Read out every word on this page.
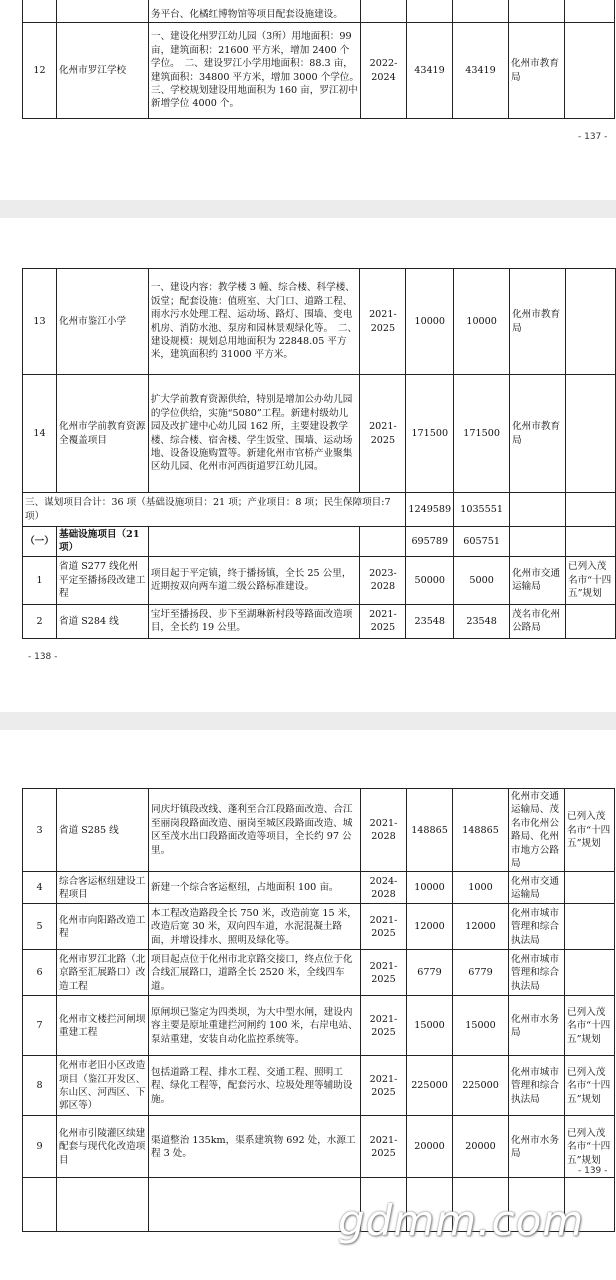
		务平台、化橘红博物馆等项目配套设施建设。					
12	化州市罗江学校	一、建设化州罗江幼儿园（3所）用地面积：99 亩，建筑面积：21600 平方米，增加 2400 个学位。　二、建设罗江小学用地面积：88.3 亩，建筑面积：34800 平方米，增加 3000 个学位。　三、学校规划建设用地面积为 160 亩，罗江初中新增学位 4000 个。	2022-2024	43419	43419	化州市教育局	
- 137 -
13	化州市鉴江小学	一、建设内容：教学楼 3 幢、综合楼、科学楼、饭堂；配套设施：值班室、大门口、道路工程、雨水污水处理工程、运动场、路灯、围墙、变电机房、消防水池、泵房和园林景观绿化等。　二、建设规模：规划总用地面积为 22848.05 平方米，建筑面积约 31000 平方米。	2021-2025	10000	10000	化州市教育局	
14	化州市学前教育资源全覆盖项目	扩大学前教育资源供给，特别是增加公办幼儿园的学位供给，实施“5080”工程。新建村级幼儿园及改扩建中心幼儿园 162 所，主要建设教学楼、综合楼、宿舍楼、学生饭堂、围墙、运动场地、设备设施购置等。新建化州市官桥产业聚集区幼儿园、化州市河西街道罗江幼儿园。	2021-2025	171500	171500	化州市教育局	
三、谋划项目合计：36 项（基础设施项目：21 项；产业项目：8 项；民生保障项目:7 项）				1249589	1035551		
（一）	基础设施项目（21 项）			695789	605751		
1	省道 S277 线化州平定至播扬段改建工程	项目起于平定镇，终于播扬镇，全长 25 公里，近期按双向两车道二级公路标准建设。	2023-2028	50000	5000	化州市交通运输局	已列入茂名市“十四五”规划
2	省道 S284 线	宝圩至播扬段、步下至湖琳新村段等路面改造项目，全长约 19 公里。	2021-2025	23548	23548	茂名市化州公路局	
- 138 -
3	省道 S285 线	同庆圩镇段改线、蓬利至合江段路面改造、合江至丽岗段路面改造、丽岗至城区段路面改造、城区至茂水出口段路面改造等项目，全长约 97 公里。	2021-2028	148865	148865	化州市交通运输局、茂名市化州公路局、化州市地方公路局	已列入茂名市“十四五”规划
4	综合客运枢纽建设工程项目	新建一个综合客运枢纽，占地面积 100 亩。	2024-2028	10000	1000	化州市交通运输局	
5	化州市向阳路改造工程	本工程改造路段全长 750 米，改造前宽 15 米，改造后宽 30 米，双向四车道，水泥混凝土路面，并增设排水、照明及绿化等。	2021-2025	12000	12000	化州市城市管理和综合执法局	
6	化州市罗江北路（北京路至汇展路口）改造工程	项目起点位于化州市北京路交接口，终点位于化合线汇展路口，道路全长 2520 米，全线四车道。	2021-2025	6779	6779	化州市城市管理和综合执法局	
7	化州市文楼拦河闸坝重建工程	原闸坝已鉴定为四类坝，为大中型水闸，建设内容主要是原址重建拦河闸约 100 米，右岸电站、泵站重建，安装自动化监控系统等。	2021-2025	15000	15000	化州市水务局	已列入茂名市“十四五”规划
8	化州市老旧小区改造项目（鉴江开发区、东山区、河西区、下郭区等）	包括道路工程、排水工程、交通工程、照明工程、绿化工程等，配套污水、垃圾处理等辅助设施。	2021-2025	225000	225000	化州市城市管理和综合执法局	已列入茂名市“十四五”规划
9	化州市引陵灌区续建配套与现代化改造项目	渠道整治 135km，渠系建筑物 692 处，水源工程 3 处。	2021-2025	20000	20000	化州市水务局	已列入茂名市“十四五”规划

- 139 -
gdmm.com
